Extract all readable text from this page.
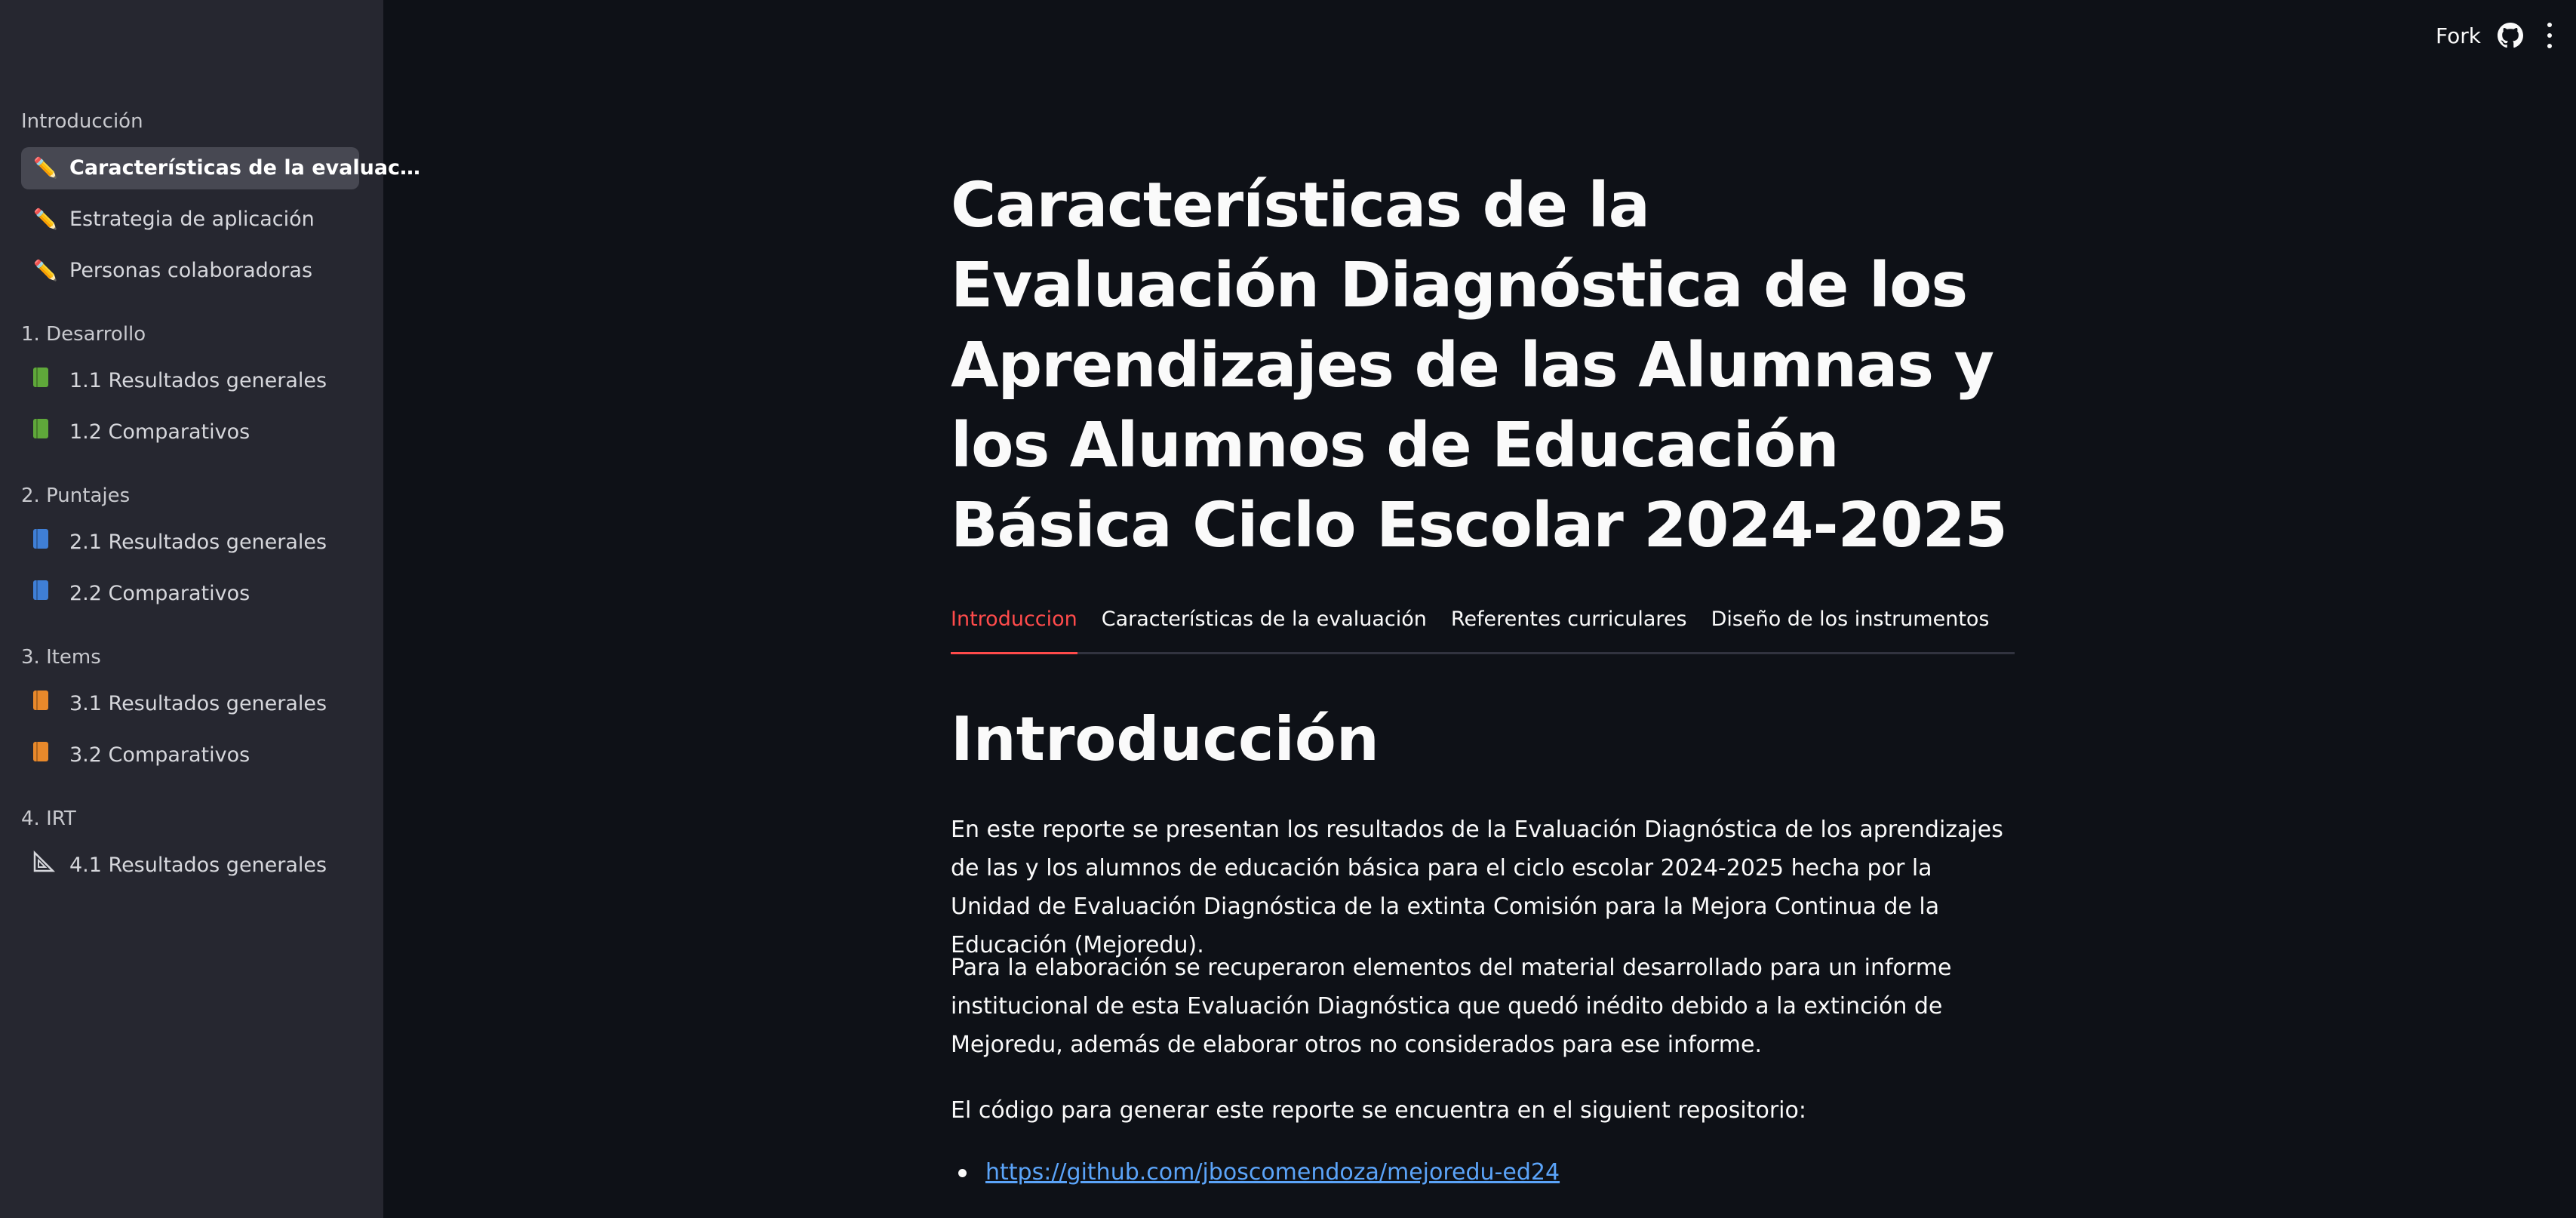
Introducción
✏️ Características de la evaluac…
✏️ Estrategia de aplicación
✏️ Personas colaboradoras
1. Desarrollo
1.1 Resultados generales
1.2 Comparativos
2. Puntajes
2.1 Resultados generales
2.2 Comparativos
3. Items
3.1 Resultados generales
3.2 Comparativos
4. IRT
4.1 Resultados generales
Fork
Características de la Evaluación Diagnóstica de los Aprendizajes de las Alumnas y los Alumnos de Educación Básica Ciclo Escolar 2024-2025
Introduccion Características de la evaluación Referentes curriculares Diseño de los instrumentos
Introducción

En este reporte se presentan los resultados de la Evaluación Diagnóstica de los aprendizajes de las y los alumnos de educación básica para el ciclo escolar 2024-2025 hecha por la Unidad de Evaluación Diagnóstica de la extinta Comisión para la Mejora Continua de la Educación (Mejoredu).

Para la elaboración se recuperaron elementos del material desarrollado para un informe institucional de esta Evaluación Diagnóstica que quedó inédito debido a la extinción de Mejoredu, además de elaborar otros no considerados para ese informe.

El código para generar este reporte se encuentra en el siguient repositorio:

https://github.com/jboscomendoza/mejoredu-ed24
